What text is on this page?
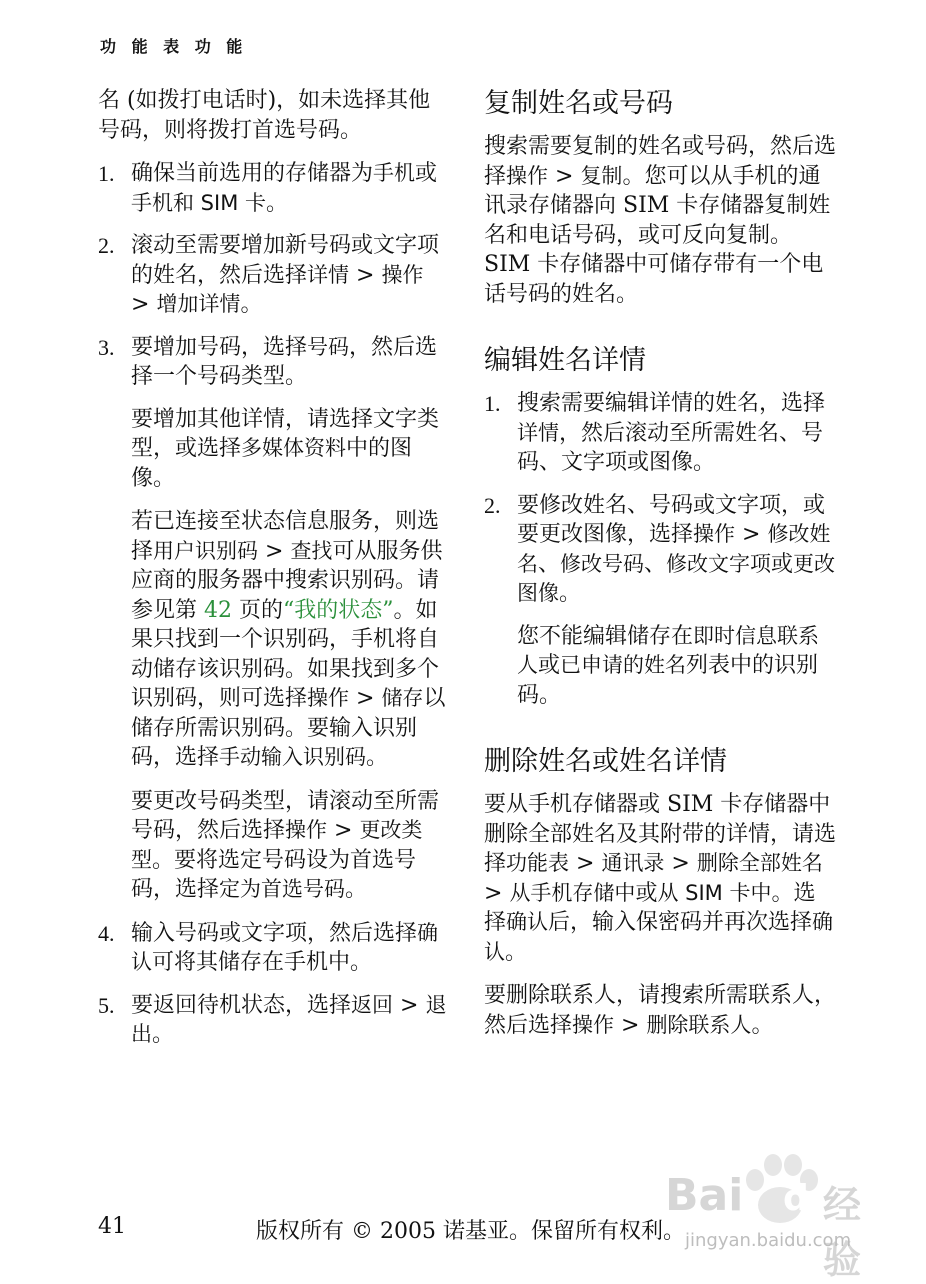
功 能 表 功 能
名 (如拨打电话时)，如未选择其他号码，则将拨打首选号码。
1. 确保当前选用的存储器为手机或手机和 SIM 卡。
2. 滚动至需要增加新号码或文字项的姓名，然后选择详情 > 操作 > 增加详情。
3. 要增加号码，选择号码，然后选择一个号码类型。
要增加其他详情，请选择文字类型，或选择多媒体资料中的图像。
若已连接至状态信息服务，则选择用户识别码 > 查找可从服务供应商的服务器中搜索识别码。请参见第 42 页的“我的状态”。如果只找到一个识别码，手机将自动储存该识别码。如果找到多个识别码，则可选择操作 > 储存以储存所需识别码。要输入识别码，选择手动输入识别码。
要更改号码类型，请滚动至所需号码，然后选择操作 > 更改类型。要将选定号码设为首选号码，选择定为首选号码。
4. 输入号码或文字项，然后选择确认可将其储存在手机中。
5. 要返回待机状态，选择返回 > 退出。
复制姓名或号码
搜索需要复制的姓名或号码，然后选择操作 > 复制。您可以从手机的通讯录存储器向 SIM 卡存储器复制姓名和电话号码，或可反向复制。SIM 卡存储器中可储存带有一个电话号码的姓名。
编辑姓名详情
1. 搜索需要编辑详情的姓名，选择详情，然后滚动至所需姓名、号码、文字项或图像。
2. 要修改姓名、号码或文字项，或要更改图像，选择操作 > 修改姓名、修改号码、修改文字项或更改图像。
您不能编辑储存在即时信息联系人或已申请的姓名列表中的识别码。
删除姓名或姓名详情
要从手机存储器或 SIM 卡存储器中删除全部姓名及其附带的详情，请选择功能表 > 通讯录 > 删除全部姓名 > 从手机存储中或从 SIM 卡中。选择确认后，输入保密码并再次选择确认。
要删除联系人，请搜索所需联系人，然后选择操作 > 删除联系人。
Bai du
经验
jingyan.baidu.com
41	版权所有 © 2005 诺基亚。保留所有权利。
